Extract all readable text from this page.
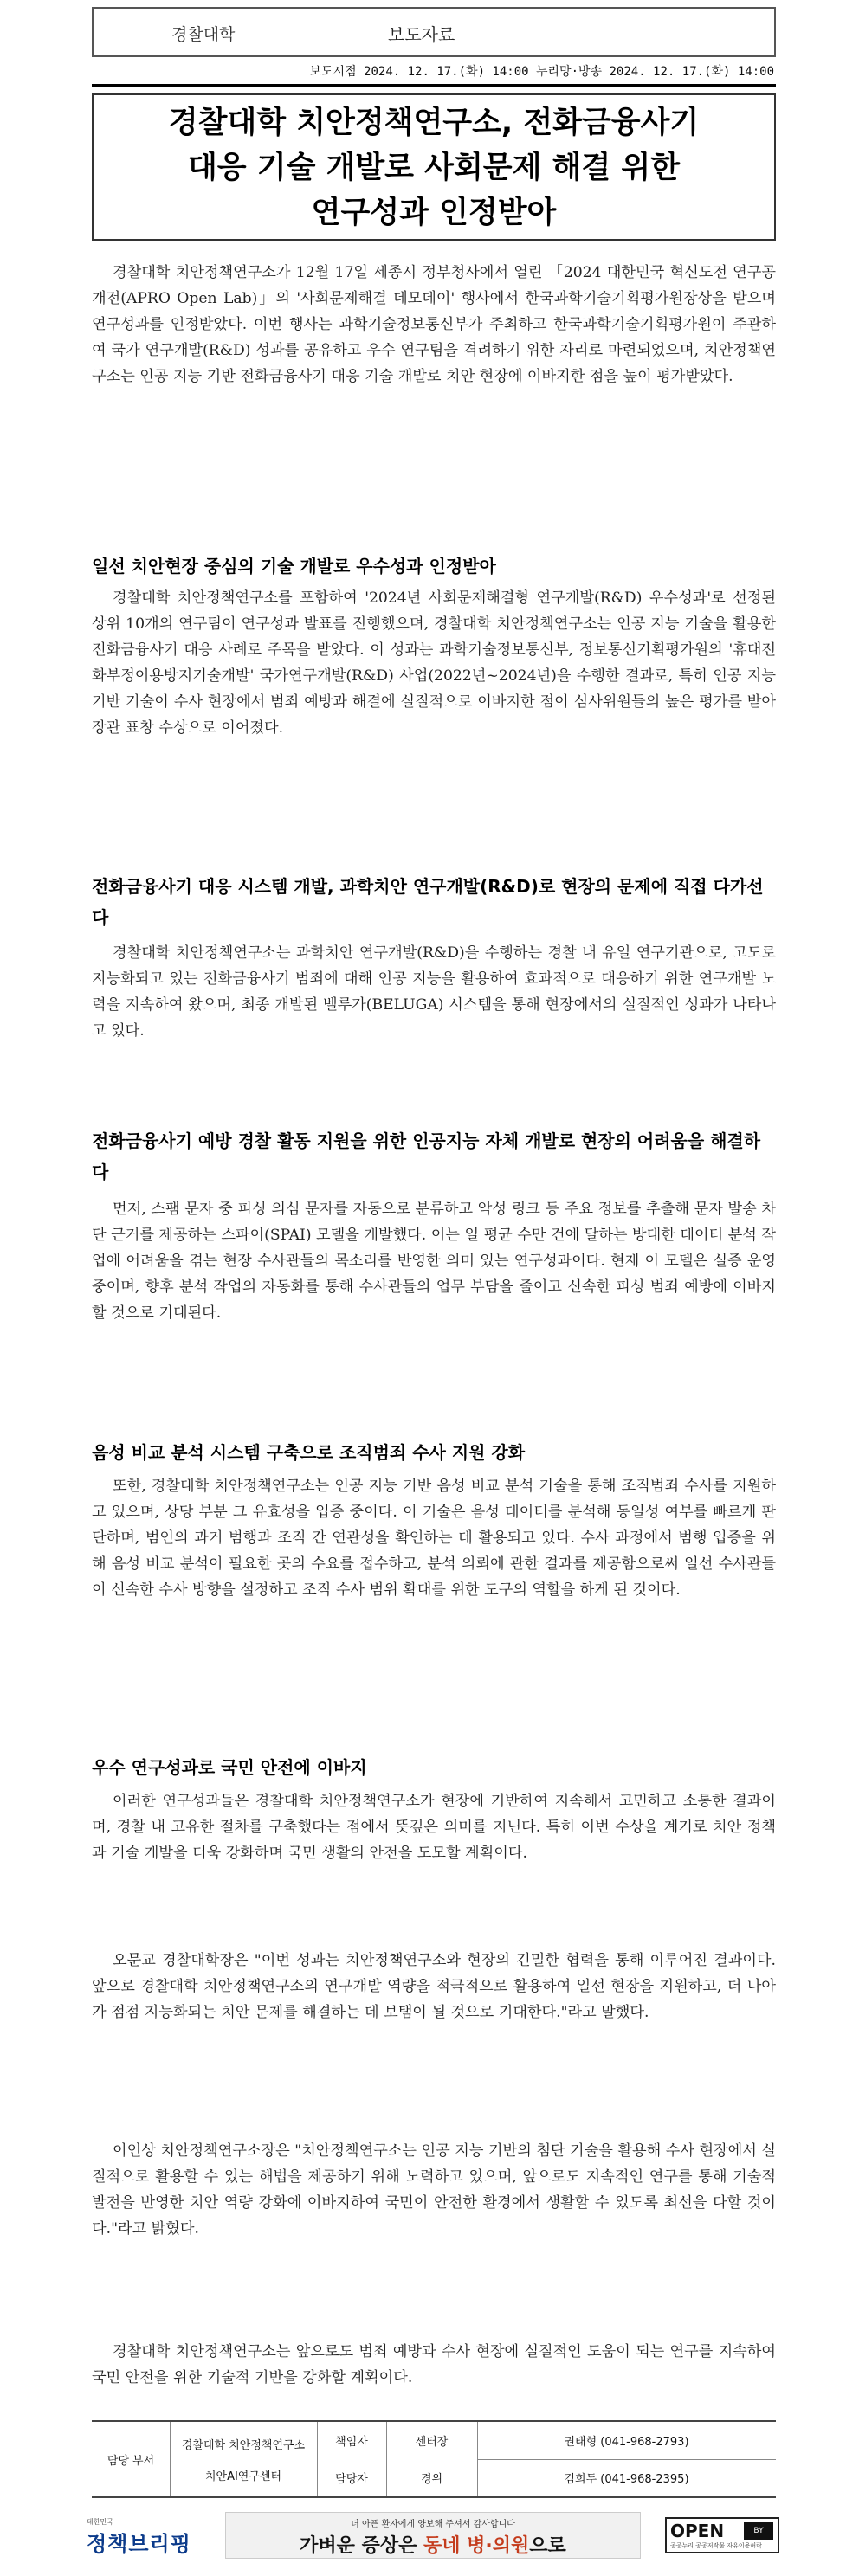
경찰대학	보도자료
보도시점 2024. 12. 17.(화) 14:00 누리망·방송 2024. 12. 17.(화) 14:00
경찰대학 치안정책연구소, 전화금융사기
대응 기술 개발로 사회문제 해결 위한
연구성과 인정받아

경찰대학 치안정책연구소가 12월 17일 세종시 정부청사에서 열린 「2024 대한민국 혁신도전 연구공개전(APRO Open Lab)」의 '사회문제해결 데모데이' 행사에서 한국과학기술기획평가원장상을 받으며 연구성과를 인정받았다. 이번 행사는 과학기술정보통신부가 주최하고 한국과학기술기획평가원이 주관하여 국가 연구개발(R&D) 성과를 공유하고 우수 연구팀을 격려하기 위한 자리로 마련되었으며, 치안정책연구소는 인공 지능 기반 전화금융사기 대응 기술 개발로 치안 현장에 이바지한 점을 높이 평가받았다.

일선 치안현장 중심의 기술 개발로 우수성과 인정받아

경찰대학 치안정책연구소를 포함하여 '2024년 사회문제해결형 연구개발(R&D) 우수성과'로 선정된 상위 10개의 연구팀이 연구성과 발표를 진행했으며, 경찰대학 치안정책연구소는 인공 지능 기술을 활용한 전화금융사기 대응 사례로 주목을 받았다. 이 성과는 과학기술정보통신부, 정보통신기획평가원의 '휴대전화부정이용방지기술개발' 국가연구개발(R&D) 사업(2022년~2024년)을 수행한 결과로, 특히 인공 지능 기반 기술이 수사 현장에서 범죄 예방과 해결에 실질적으로 이바지한 점이 심사위원들의 높은 평가를 받아 장관 표창 수상으로 이어졌다.

전화금융사기 대응 시스템 개발, 과학치안 연구개발(R&D)로 현장의 문제에 직접 다가선다

경찰대학 치안정책연구소는 과학치안 연구개발(R&D)을 수행하는 경찰 내 유일 연구기관으로, 고도로 지능화되고 있는 전화금융사기 범죄에 대해 인공 지능을 활용하여 효과적으로 대응하기 위한 연구개발 노력을 지속하여 왔으며, 최종 개발된 벨루가(BELUGA) 시스템을 통해 현장에서의 실질적인 성과가 나타나고 있다.

전화금융사기 예방 경찰 활동 지원을 위한 인공지능 자체 개발로 현장의 어려움을 해결하다

먼저, 스팸 문자 중 피싱 의심 문자를 자동으로 분류하고 악성 링크 등 주요 정보를 추출해 문자 발송 차단 근거를 제공하는 스파이(SPAI) 모델을 개발했다. 이는 일 평균 수만 건에 달하는 방대한 데이터 분석 작업에 어려움을 겪는 현장 수사관들의 목소리를 반영한 의미 있는 연구성과이다. 현재 이 모델은 실증 운영 중이며, 향후 분석 작업의 자동화를 통해 수사관들의 업무 부담을 줄이고 신속한 피싱 범죄 예방에 이바지할 것으로 기대된다.

음성 비교 분석 시스템 구축으로 조직범죄 수사 지원 강화

또한, 경찰대학 치안정책연구소는 인공 지능 기반 음성 비교 분석 기술을 통해 조직범죄 수사를 지원하고 있으며, 상당 부분 그 유효성을 입증 중이다. 이 기술은 음성 데이터를 분석해 동일성 여부를 빠르게 판단하며, 범인의 과거 범행과 조직 간 연관성을 확인하는 데 활용되고 있다. 수사 과정에서 범행 입증을 위해 음성 비교 분석이 필요한 곳의 수요를 접수하고, 분석 의뢰에 관한 결과를 제공함으로써 일선 수사관들이 신속한 수사 방향을 설정하고 조직 수사 범위 확대를 위한 도구의 역할을 하게 된 것이다.

우수 연구성과로 국민 안전에 이바지

이러한 연구성과들은 경찰대학 치안정책연구소가 현장에 기반하여 지속해서 고민하고 소통한 결과이며, 경찰 내 고유한 절차를 구축했다는 점에서 뜻깊은 의미를 지닌다. 특히 이번 수상을 계기로 치안 정책과 기술 개발을 더욱 강화하며 국민 생활의 안전을 도모할 계획이다.

오문교 경찰대학장은 "이번 성과는 치안정책연구소와 현장의 긴밀한 협력을 통해 이루어진 결과이다. 앞으로 경찰대학 치안정책연구소의 연구개발 역량을 적극적으로 활용하여 일선 현장을 지원하고, 더 나아가 점점 지능화되는 치안 문제를 해결하는 데 보탬이 될 것으로 기대한다."라고 말했다.

이인상 치안정책연구소장은 "치안정책연구소는 인공 지능 기반의 첨단 기술을 활용해 수사 현장에서 실질적으로 활용할 수 있는 해법을 제공하기 위해 노력하고 있으며, 앞으로도 지속적인 연구를 통해 기술적 발전을 반영한 치안 역량 강화에 이바지하여 국민이 안전한 환경에서 생활할 수 있도록 최선을 다할 것이다."라고 밝혔다.

경찰대학 치안정책연구소는 앞으로도 범죄 예방과 수사 현장에 실질적인 도움이 되는 연구를 지속하여 국민 안전을 위한 기술적 기반을 강화할 계획이다.

담당 부서
경찰대학 치안정책연구소
치안AI연구센터
책임자	센터장	권태형 (041-968-2793)
담당자	경위	김희두 (041-968-2395)
대한민국
정책브리핑
더 아픈 환자에게 양보해 주셔서 감사합니다
가벼운 증상은 동네 병·의원으로
OPEN
공공누리 공공저작물 자유이용허락
BY
